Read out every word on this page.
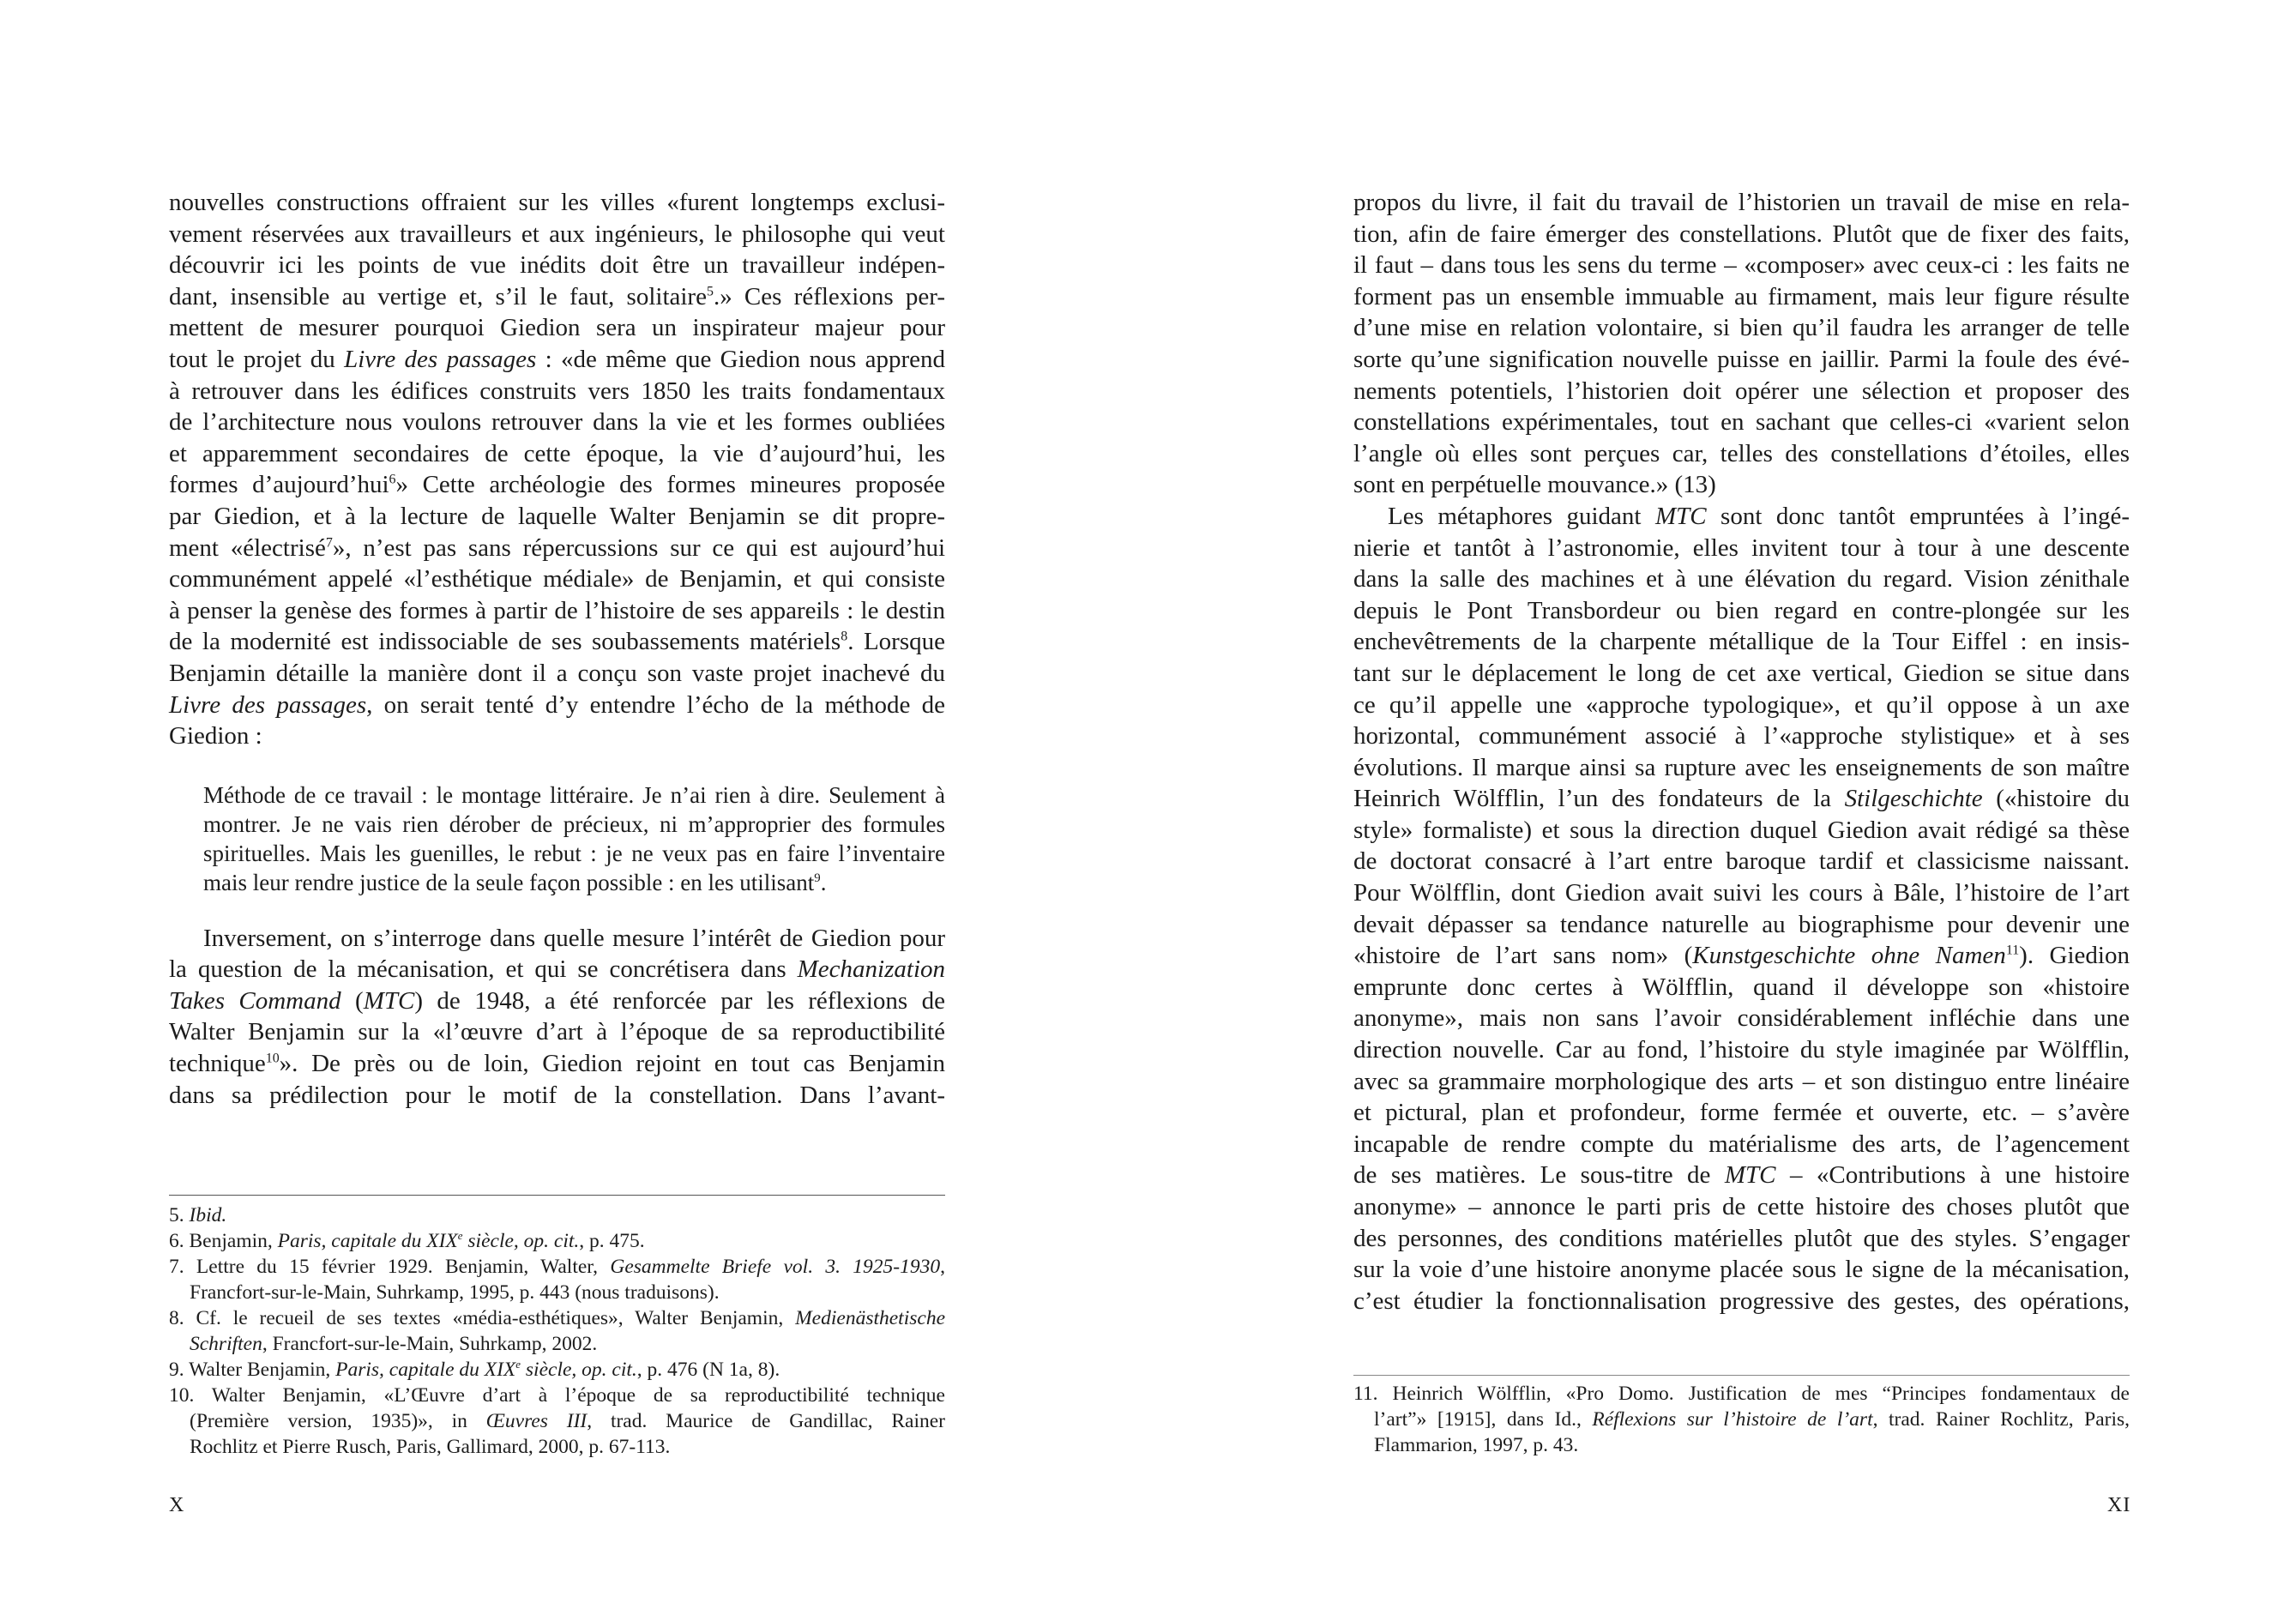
nouvelles constructions offraient sur les villes «furent longtemps exclusi-
vement réservées aux travailleurs et aux ingénieurs, le philosophe qui veut
découvrir ici les points de vue inédits doit être un travailleur indépen-
dant, insensible au vertige et, s’il le faut, solitaire$^5$.» Ces réflexions per-
mettent de mesurer pourquoi Giedion sera un inspirateur majeur pour
tout le projet du Livre des passages : «de même que Giedion nous apprend
à retrouver dans les édifices construits vers 1850 les traits fondamentaux
de l’architecture nous voulons retrouver dans la vie et les formes oubliées
et apparemment secondaires de cette époque, la vie d’aujourd’hui, les
formes d’aujourd’hui$^6$» Cette archéologie des formes mineures proposée
par Giedion, et à la lecture de laquelle Walter Benjamin se dit propre-
ment «électrisé$^7$», n’est pas sans répercussions sur ce qui est aujourd’hui
communément appelé «l’esthétique médiale» de Benjamin, et qui consiste
à penser la genèse des formes à partir de l’histoire de ses appareils : le destin
de la modernité est indissociable de ses soubassements matériels$^8$. Lorsque
Benjamin détaille la manière dont il a conçu son vaste projet inachevé du
Livre des passages, on serait tenté d’y entendre l’écho de la méthode de
Giedion :
Méthode de ce travail : le montage littéraire. Je n’ai rien à dire. Seulement à
montrer. Je ne vais rien dérober de précieux, ni m’approprier des formules
spirituelles. Mais les guenilles, le rebut : je ne veux pas en faire l’inventaire
mais leur rendre justice de la seule façon possible : en les utilisant$^9$.
Inversement, on s’interroge dans quelle mesure l’intérêt de Giedion pour
la question de la mécanisation, et qui se concrétisera dans Mechanization
Takes Command (MTC) de 1948, a été renforcée par les réflexions de
Walter Benjamin sur la «l’œuvre d’art à l’époque de sa reproductibilité
technique$^{10}$». De près ou de loin, Giedion rejoint en tout cas Benjamin
dans sa prédilection pour le motif de la constellation. Dans l’avant-
5. Ibid.
6. Benjamin, Paris, capitale du XIXe siècle, op. cit., p. 475.
7. Lettre du 15 février 1929. Benjamin, Walter, Gesammelte Briefe vol. 3. 1925-1930,
Francfort-sur-le-Main, Suhrkamp, 1995, p. 443 (nous traduisons).
8. Cf. le recueil de ses textes «média-esthétiques», Walter Benjamin, Medienästhetische
Schriften, Francfort-sur-le-Main, Suhrkamp, 2002.
9. Walter Benjamin, Paris, capitale du XIXe siècle, op. cit., p. 476 (N 1a, 8).
10. Walter Benjamin, «L’Œuvre d’art à l’époque de sa reproductibilité technique
(Première version, 1935)», in Œuvres III, trad. Maurice de Gandillac, Rainer
Rochlitz et Pierre Rusch, Paris, Gallimard, 2000, p. 67-113.
X
propos du livre, il fait du travail de l’historien un travail de mise en rela-
tion, afin de faire émerger des constellations. Plutôt que de fixer des faits,
il faut – dans tous les sens du terme – «composer» avec ceux-ci : les faits ne
forment pas un ensemble immuable au firmament, mais leur figure résulte
d’une mise en relation volontaire, si bien qu’il faudra les arranger de telle
sorte qu’une signification nouvelle puisse en jaillir. Parmi la foule des évé-
nements potentiels, l’historien doit opérer une sélection et proposer des
constellations expérimentales, tout en sachant que celles-ci «varient selon
l’angle où elles sont perçues car, telles des constellations d’étoiles, elles
sont en perpétuelle mouvance.» (13)
Les métaphores guidant MTC sont donc tantôt empruntées à l’ingé-
nierie et tantôt à l’astronomie, elles invitent tour à tour à une descente
dans la salle des machines et à une élévation du regard. Vision zénithale
depuis le Pont Transbordeur ou bien regard en contre-plongée sur les
enchevêtrements de la charpente métallique de la Tour Eiffel : en insis-
tant sur le déplacement le long de cet axe vertical, Giedion se situe dans
ce qu’il appelle une «approche typologique», et qu’il oppose à un axe
horizontal, communément associé à l’«approche stylistique» et à ses
évolutions. Il marque ainsi sa rupture avec les enseignements de son maître
Heinrich Wölfflin, l’un des fondateurs de la Stilgeschichte («histoire du
style» formaliste) et sous la direction duquel Giedion avait rédigé sa thèse
de doctorat consacré à l’art entre baroque tardif et classicisme naissant.
Pour Wölfflin, dont Giedion avait suivi les cours à Bâle, l’histoire de l’art
devait dépasser sa tendance naturelle au biographisme pour devenir une
«histoire de l’art sans nom» (Kunstgeschichte ohne Namen$^{11}$). Giedion
emprunte donc certes à Wölfflin, quand il développe son «histoire
anonyme», mais non sans l’avoir considérablement infléchie dans une
direction nouvelle. Car au fond, l’histoire du style imaginée par Wölfflin,
avec sa grammaire morphologique des arts – et son distinguo entre linéaire
et pictural, plan et profondeur, forme fermée et ouverte, etc. – s’avère
incapable de rendre compte du matérialisme des arts, de l’agencement
de ses matières. Le sous-titre de MTC – «Contributions à une histoire
anonyme» – annonce le parti pris de cette histoire des choses plutôt que
des personnes, des conditions matérielles plutôt que des styles. S’engager
sur la voie d’une histoire anonyme placée sous le signe de la mécanisation,
c’est étudier la fonctionnalisation progressive des gestes, des opérations,
11. Heinrich Wölfflin, «Pro Domo. Justification de mes “Principes fondamentaux de
l’art”» [1915], dans Id., Réflexions sur l’histoire de l’art, trad. Rainer Rochlitz, Paris,
Flammarion, 1997, p. 43.
XI
